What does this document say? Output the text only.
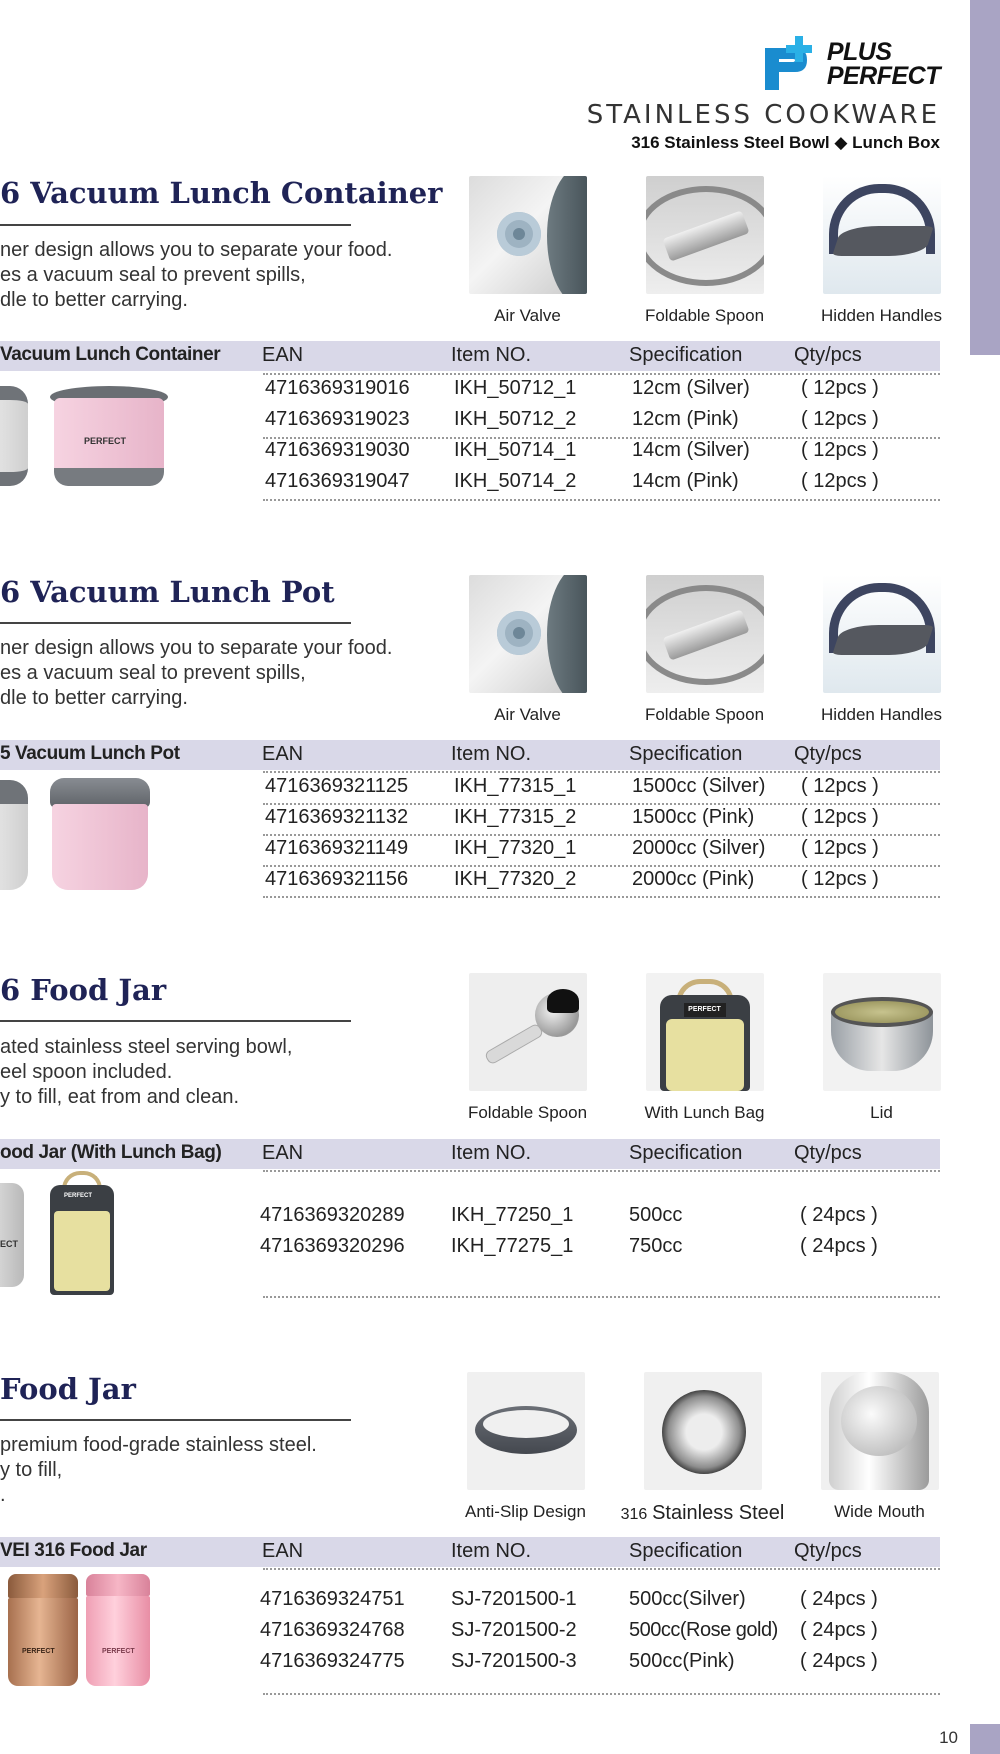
10
PLUS
PERFECT
STAINLESS COOKWARE
316 Stainless Steel Bowl ◆ Lunch Box
6 Vacuum Lunch Container
ner design allows you to separate your food.
es a vacuum seal to prevent spills,
dle to better carrying.
Air Valve	Foldable Spoon	Hidden Handles
Vacuum Lunch Container EAN	Item NO.	Specification	Qty/pcs
4716369319016 IKH_50712_1	12cm (Silver)	( 12pcs )
4716369319023 IKH_50712_2	12cm (Pink)	( 12pcs )
4716369319030 IKH_50714_1	14cm (Silver)	( 12pcs )
4716369319047 IKH_50714_2	14cm (Pink)	( 12pcs )
PERFECT
6 Vacuum Lunch Pot
ner design allows you to separate your food.
es a vacuum seal to prevent spills,
dle to better carrying.
Air Valve	Foldable Spoon	Hidden Handles
5 Vacuum Lunch Pot	EAN	Item NO.	Specification	Qty/pcs
4716369321125 IKH_77315_1	1500cc (Silver) ( 12pcs )
4716369321132 IKH_77315_2	1500cc (Pink) ( 12pcs )
4716369321149 IKH_77320_1	2000cc (Silver) ( 12pcs )
4716369321156 IKH_77320_2	2000cc (Pink) ( 12pcs )
6 Food Jar
ated stainless steel serving bowl,
eel spoon included.
y to fill, eat from and clean.
Foldable Spoon
PERFECT
With Lunch Bag	Lid
ood Jar (With Lunch Bag) EAN	Item NO.	Specification	Qty/pcs
4716369320289 IKH_77250_1	500cc	( 24pcs )
4716369320296 IKH_77275_1	750cc	( 24pcs )
ECT
PERFECT
Food Jar
premium food-grade stainless steel.
y to fill,
.
Anti-Slip Design	316 Stainless Steel	Wide Mouth
VEI 316 Food Jar	EAN	Item NO.	Specification	Qty/pcs
4716369324751 SJ-7201500-1	500cc(Silver)	( 24pcs )
4716369324768 SJ-7201500-2	500cc(Rose gold) ( 24pcs )
4716369324775 SJ-7201500-3	500cc(Pink)	( 24pcs )
PERFECT	PERFECT
